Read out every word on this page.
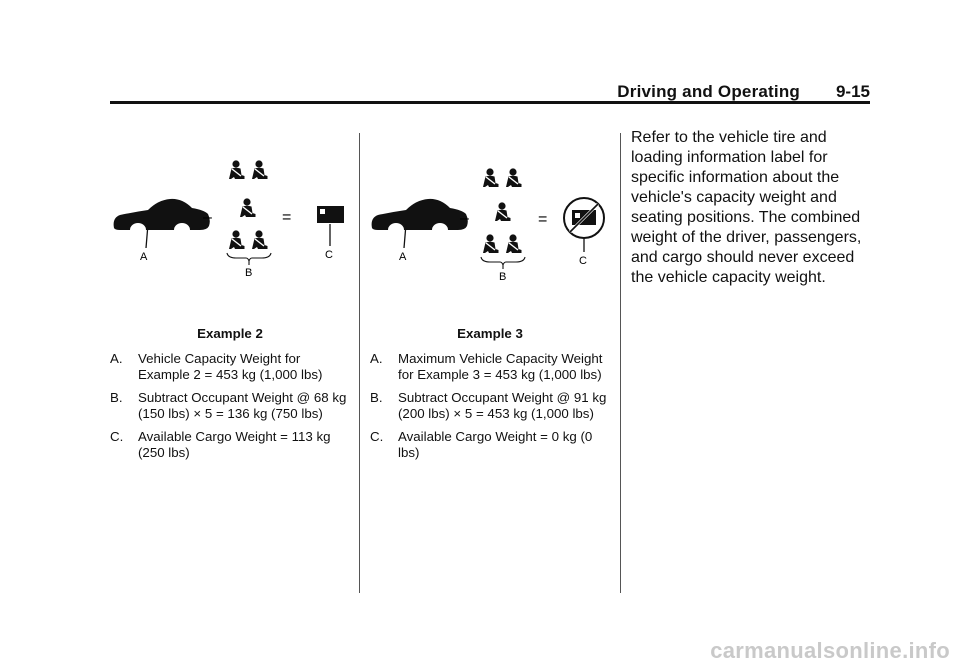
Driving and Operating 9-15
A
–
B
=
C
Example 2
A. Vehicle Capacity Weight for Example 2 = 453 kg (1,000 lbs)
B. Subtract Occupant Weight @ 68 kg (150 lbs) × 5 = 136 kg (750 lbs)
C. Available Cargo Weight = 113 kg (250 lbs)
A
–
B
=
C
Example 3
A. Maximum Vehicle Capacity Weight for Example 3 = 453 kg (1,000 lbs)
B. Subtract Occupant Weight @ 91 kg (200 lbs) × 5 = 453 kg (1,000 lbs)
C. Available Cargo Weight = 0 kg (0 lbs)

Refer to the vehicle tire and loading information label for specific information about the vehicle's capacity weight and seating positions. The combined weight of the driver, passengers, and cargo should never exceed the vehicle capacity weight.

carmanualsonline.info
